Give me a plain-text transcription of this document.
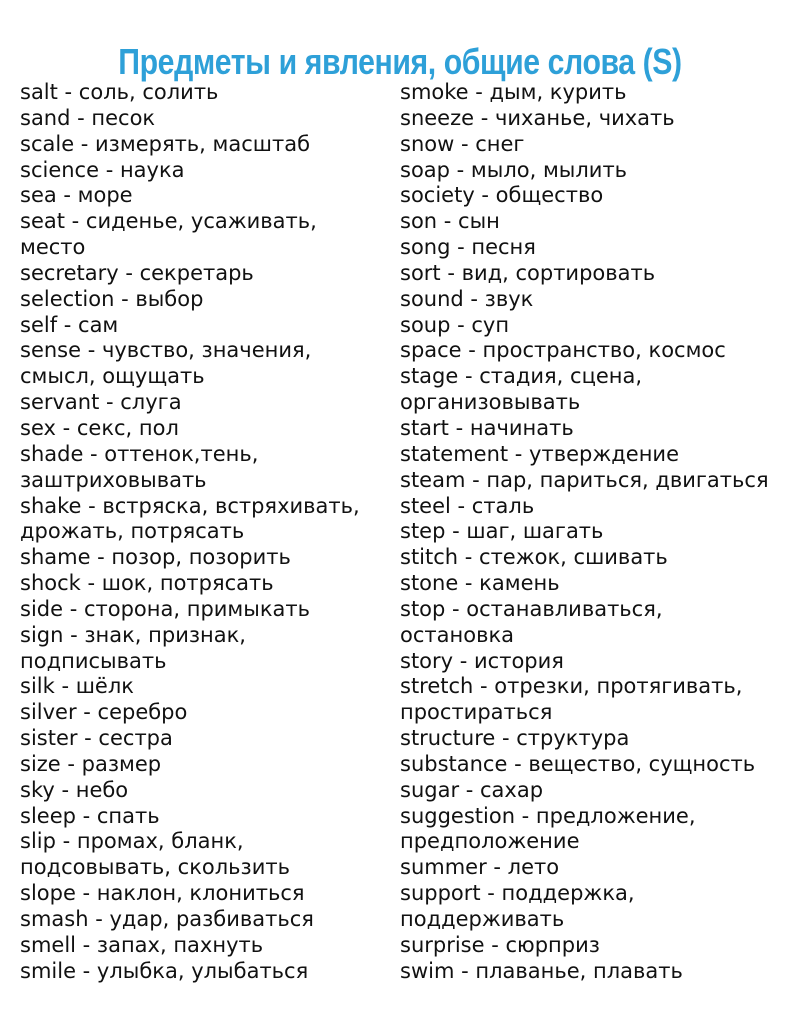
Предметы и явления, общие слова (S)
salt - соль, солить
sand - песок
scale - измерять, масштаб
science - наука
sea - море
seat - сиденье, усаживать,
место
secretary - секретарь
selection - выбор
self - сам
sense - чувство, значения,
смысл, ощущать
servant - слуга
sex - секс, пол
shade - оттенок,тень,
заштриховывать
shake - встряска, встряхивать,
дрожать, потрясать
shame - позор, позорить
shock - шок, потрясать
side - сторона, примыкать
sign - знак, признак,
подписывать
silk - шёлк
silver - серебро
sister - сестра
size - размер
sky - небо
sleep - спать
slip - промах, бланк,
подсовывать, скользить
slope - наклон, клониться
smash - удар, разбиваться
smell - запах, пахнуть
smile - улыбка, улыбаться
smoke - дым, курить
sneeze - чиханье, чихать
snow - снег
soap - мыло, мылить
society - общество
son - сын
song - песня
sort - вид, сортировать
sound - звук
soup - суп
space - пространство, космос
stage - стадия, сцена,
организовывать
start - начинать
statement - утверждение
steam - пар, париться, двигаться
steel - сталь
step - шаг, шагать
stitch - стежок, сшивать
stone - камень
stop - останавливаться,
остановка
story - история
stretch - отрезки, протягивать,
простираться
structure - структура
substance - вещество, сущность
sugar - сахар
suggestion - предложение,
предположение
summer - лето
support - поддержка,
поддерживать
surprise - сюрприз
swim - плаванье, плавать
